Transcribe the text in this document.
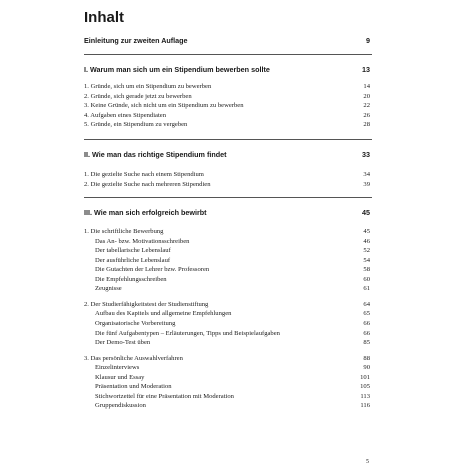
Inhalt
Einleitung zur zweiten Auflage	9
I. Warum man sich um ein Stipendium bewerben sollte	13
1. Gründe, sich um ein Stipendium zu bewerben	14
2. Gründe, sich gerade jetzt zu bewerben	20
3. Keine Gründe, sich nicht um ein Stipendium zu bewerben	22
4. Aufgaben eines Stipendiaten	26
5. Gründe, ein Stipendium zu vergeben	28
II. Wie man das richtige Stipendium findet	33
1. Die gezielte Suche nach einem Stipendium	34
2. Die gezielte Suche nach mehreren Stipendien	39
III. Wie man sich erfolgreich bewirbt	45
1. Die schriftliche Bewerbung	45
Das An- bzw. Motivationsschreiben	46
Der tabellarische Lebenslauf	52
Der ausführliche Lebenslauf	54
Die Gutachten der Lehrer bzw. Professoren	58
Die Empfehlungsschreiben	60
Zeugnisse	61
2. Der Studierfähigkeitstest der Studienstiftung	64
Aufbau des Kapitels und allgemeine Empfehlungen	65
Organisatorische Vorbereitung	66
Die fünf Aufgabentypen – Erläuterungen, Tipps und Beispielaufgaben	66
Der Demo-Test üben	85
3. Das persönliche Auswahlverfahren	88
Einzelinterviews	90
Klausur und Essay	101
Präsentation und Moderation	105
Stichwortzettel für eine Präsentation mit Moderation	113
Gruppendiskussion	116
5
